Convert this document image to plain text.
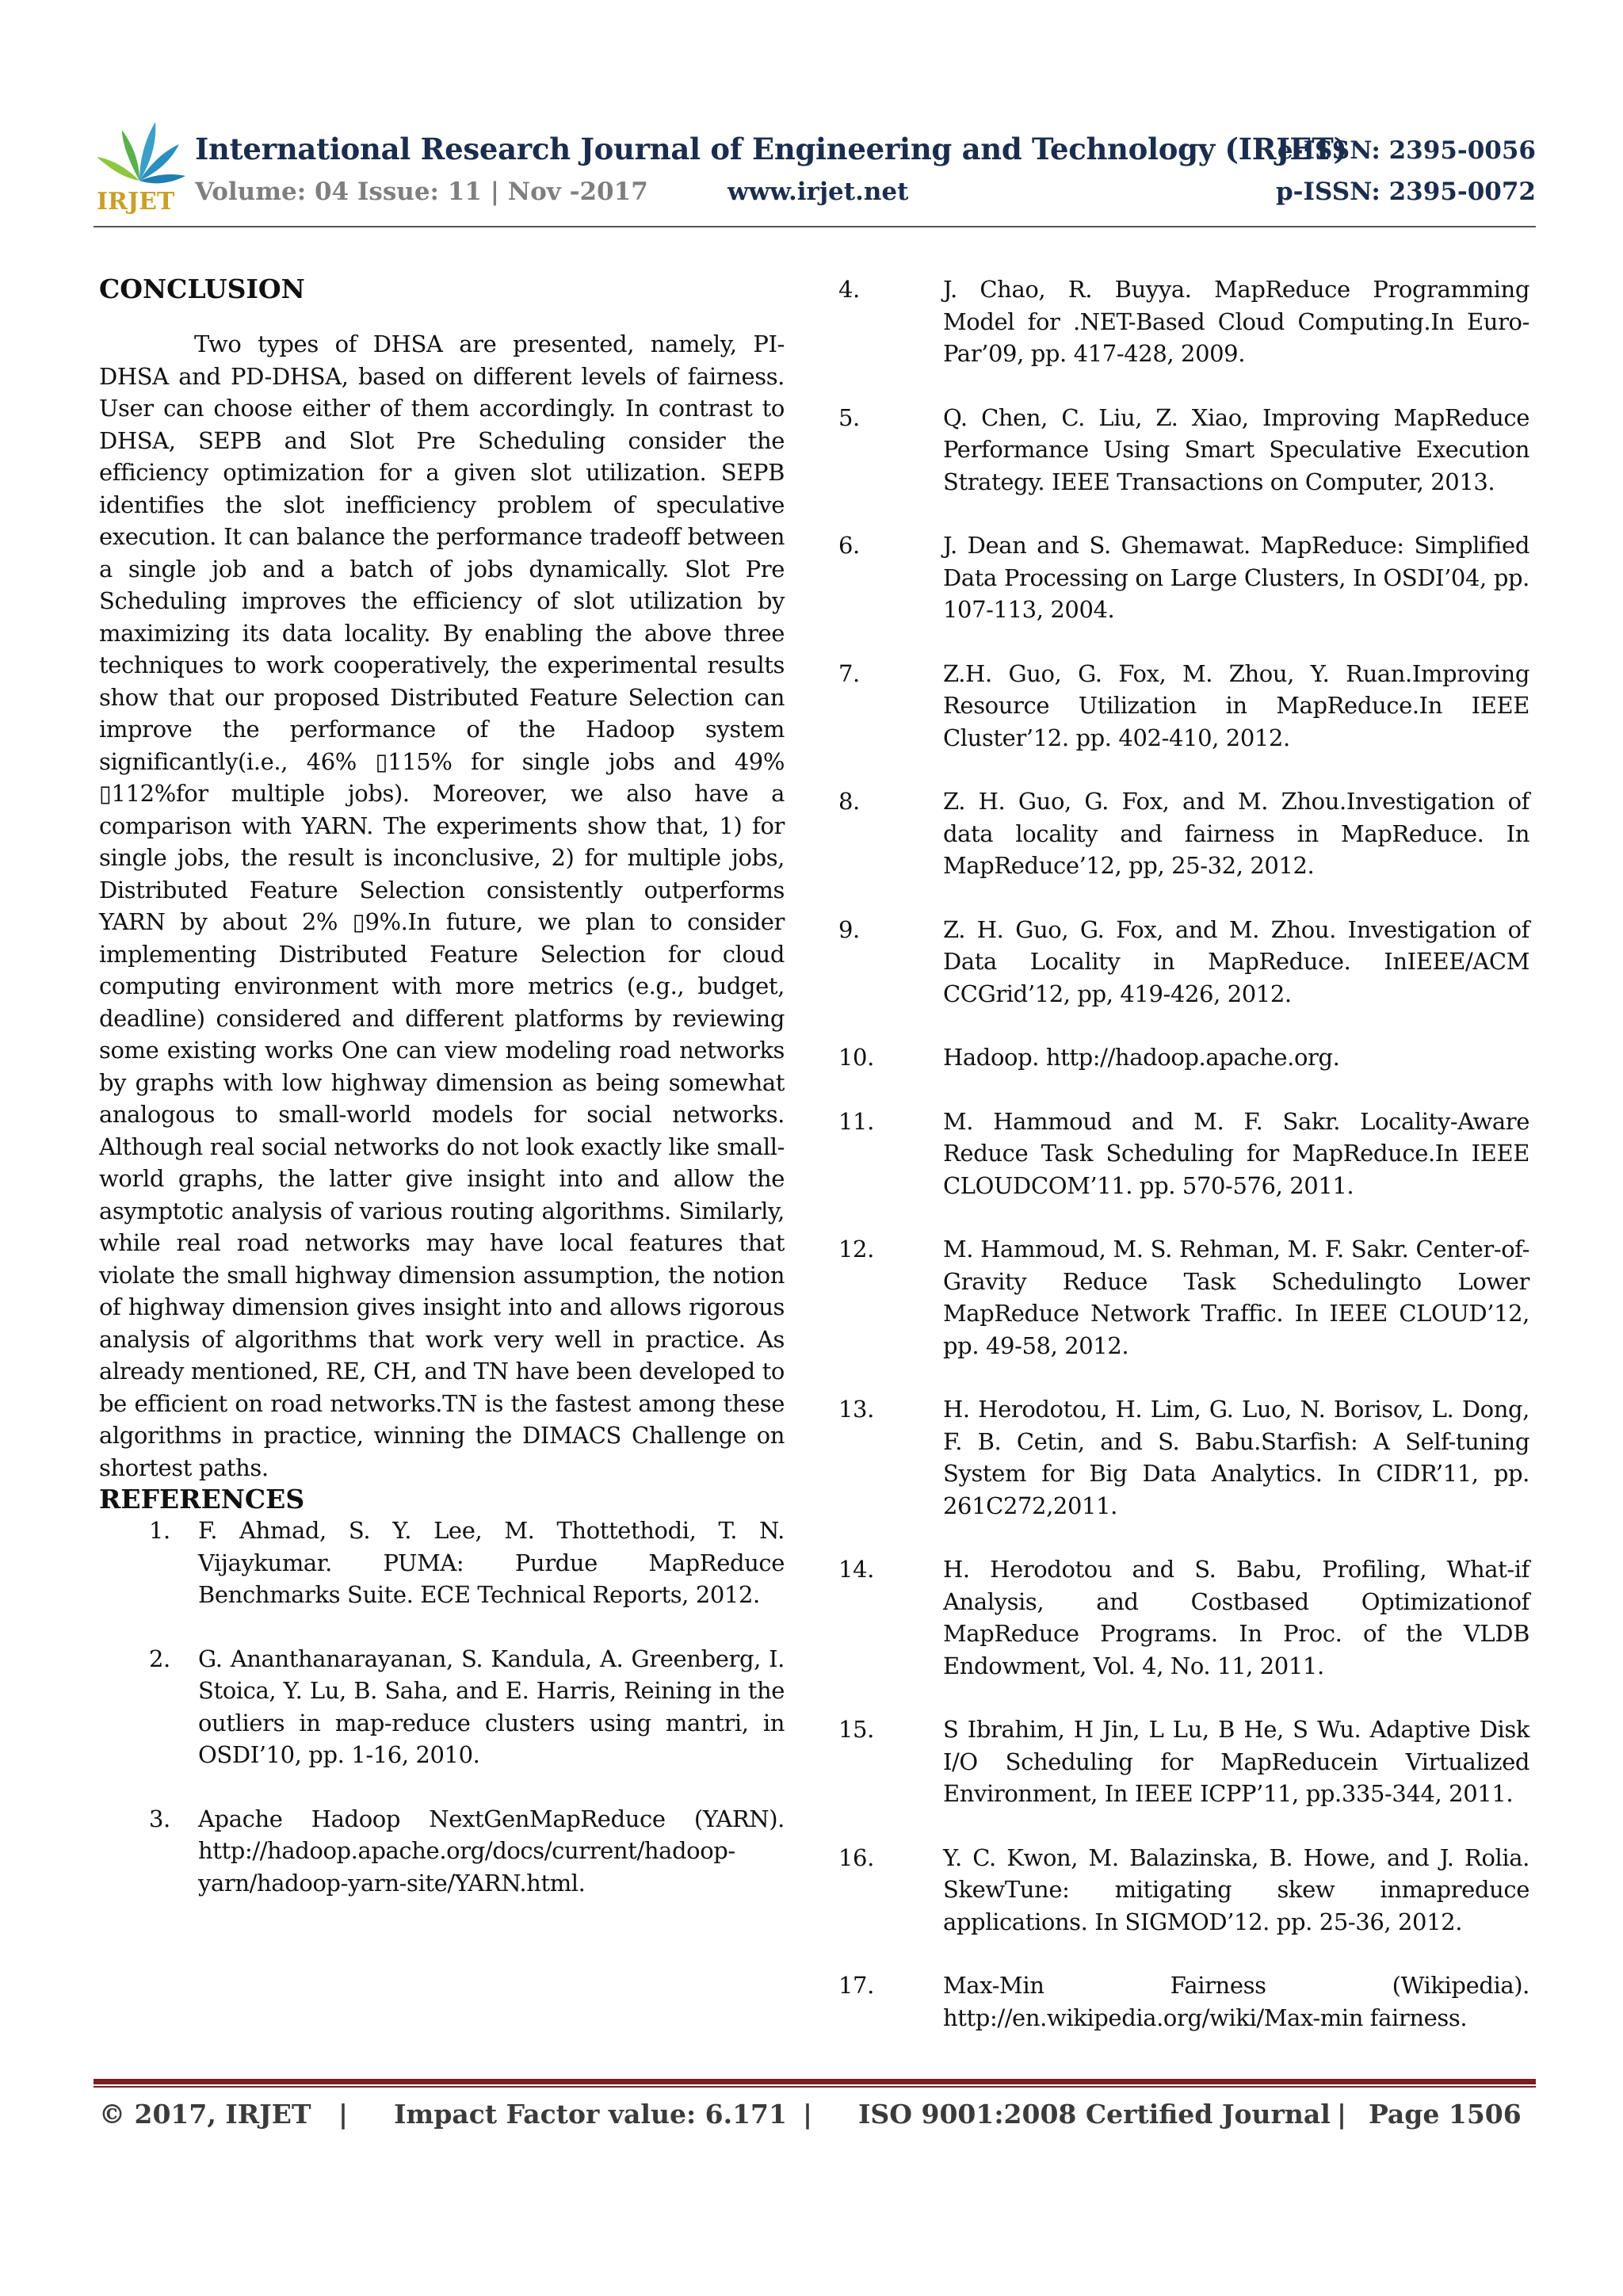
IRJET
International Research Journal of Engineering and Technology (IRJET)
e-ISSN: 2395-0056
Volume: 04 Issue: 11 | Nov -2017	www.irjet.net	p-ISSN: 2395-0072
CONCLUSION

Two types of DHSA are presented, namely, PI-DHSA and PD-DHSA, based on different levels of fairness. User can choose either of them accordingly. In contrast to DHSA, SEPB and Slot Pre Scheduling consider the efficiency optimization for a given slot utilization. SEPB identifies the slot inefficiency problem of speculative execution. It can balance the performance tradeoff between a single job and a batch of jobs dynamically. Slot Pre Scheduling improves the efficiency of slot utilization by maximizing its data locality. By enabling the above three techniques to work cooperatively, the experimental results show that our proposed Distributed Feature Selection can improve the performance of the Hadoop system significantly(i.e., 46% ▯115% for single jobs and 49% ▯112%for multiple jobs). Moreover, we also have a comparison with YARN. The experiments show that, 1) for single jobs, the result is inconclusive, 2) for multiple jobs, Distributed Feature Selection consistently outperforms YARN by about 2% ▯9%.In future, we plan to consider implementing Distributed Feature Selection for cloud computing environment with more metrics (e.g., budget, deadline) considered and different platforms by reviewing some existing works One can view modeling road networks by graphs with low highway dimension as being somewhat analogous to small-world models for social networks. Although real social networks do not look exactly like small-world graphs, the latter give insight into and allow the asymptotic analysis of various routing algorithms. Similarly, while real road networks may have local features that violate the small highway dimension assumption, the notion of highway dimension gives insight into and allows rigorous analysis of algorithms that work very well in practice. As already mentioned, RE, CH, and TN have been developed to be efficient on road networks.TN is the fastest among these algorithms in practice, winning the DIMACS Challenge on shortest paths.

REFERENCES
1.	F. Ahmad, S. Y. Lee, M. Thottethodi, T. N. Vijaykumar. PUMA: Purdue MapReduce Benchmarks Suite. ECE Technical Reports, 2012.
2.	G. Ananthanarayanan, S. Kandula, A. Greenberg, I. Stoica, Y. Lu, B. Saha, and E. Harris, Reining in the outliers in map-reduce clusters using mantri, in OSDI’10, pp. 1-16, 2010.
3.	Apache Hadoop NextGenMapReduce (YARN). http://hadoop.apache.org/docs/current/hadoop-yarn/hadoop-yarn-site/YARN.html.
4.	J. Chao, R. Buyya. MapReduce Programming Model for .NET-Based Cloud Computing.In Euro-Par’09, pp. 417-428, 2009.
5.	Q. Chen, C. Liu, Z. Xiao, Improving MapReduce Performance Using Smart Speculative Execution Strategy. IEEE Transactions on Computer, 2013.
6.	J. Dean and S. Ghemawat. MapReduce: Simplified Data Processing on Large Clusters, In OSDI’04, pp. 107-113, 2004.
7.	Z.H. Guo, G. Fox, M. Zhou, Y. Ruan.Improving Resource Utilization in MapReduce.In IEEE Cluster’12. pp. 402-410, 2012.
8.	Z. H. Guo, G. Fox, and M. Zhou.Investigation of data locality and fairness in MapReduce. In MapReduce’12, pp, 25-32, 2012.
9.	Z. H. Guo, G. Fox, and M. Zhou. Investigation of Data Locality in MapReduce. InIEEE/ACM CCGrid’12, pp, 419-426, 2012.
10.	Hadoop. http://hadoop.apache.org.
11.	M. Hammoud and M. F. Sakr. Locality-Aware Reduce Task Scheduling for MapReduce.In IEEE CLOUDCOM’11. pp. 570-576, 2011.
12.	M. Hammoud, M. S. Rehman, M. F. Sakr. Center-of-Gravity Reduce Task Schedulingto Lower MapReduce Network Traffic. In IEEE CLOUD’12, pp. 49-58, 2012.
13.	H. Herodotou, H. Lim, G. Luo, N. Borisov, L. Dong, F. B. Cetin, and S. Babu.Starfish: A Self-tuning System for Big Data Analytics. In CIDR’11, pp. 261C272,2011.
14.	H. Herodotou and S. Babu, Profiling, What-if Analysis, and Costbased Optimizationof MapReduce Programs. In Proc. of the VLDB Endowment, Vol. 4, No. 11, 2011.
15.	S Ibrahim, H Jin, L Lu, B He, S Wu. Adaptive Disk I/O Scheduling for MapReducein Virtualized Environment, In IEEE ICPP’11, pp.335-344, 2011.
16.	Y. C. Kwon, M. Balazinska, B. Howe, and J. Rolia. SkewTune: mitigating skew inmapreduce applications. In SIGMOD’12. pp. 25-36, 2012.
17.	Max-Min Fairness (Wikipedia). http://en.wikipedia.org/wiki/Max-min fairness.
© 2017, IRJET | Impact Factor value: 6.171 | ISO 9001:2008 Certified Journal | Page 1506
